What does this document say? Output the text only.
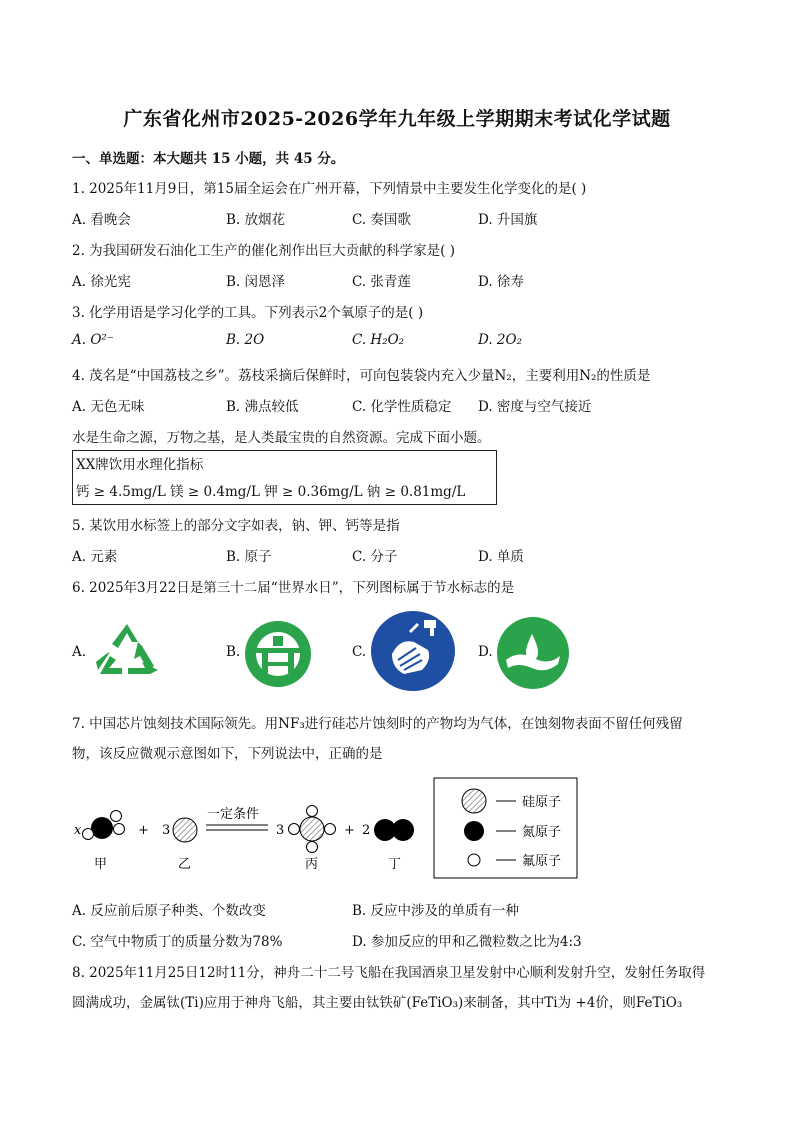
广东省化州市2025-2026学年九年级上学期期末考试化学试题
一、单选题：本大题共 15 小题，共 45 分。
1. 2025年11月9日，第15届全运会在广州开幕，下列情景中主要发生化学变化的是( )
A. 看晚会	B. 放烟花	C. 奏国歌	D. 升国旗
2. 为我国研发石油化工生产的催化剂作出巨大贡献的科学家是( )
A. 徐光宪	B. 闵恩泽	C. 张青莲	D. 徐寿
3. 化学用语是学习化学的工具。下列表示2个氧原子的是( )
A. O²⁻	B. 2O	C. H₂O₂	D. 2O₂
4. 茂名是“中国荔枝之乡”。荔枝采摘后保鲜时，可向包装袋内充入少量N₂，主要利用N₂的性质是
A. 无色无味	B. 沸点较低	C. 化学性质稳定 D. 密度与空气接近
水是生命之源，万物之基，是人类最宝贵的自然资源。完成下面小题。
XX牌饮用水理化指标
钙 ≥ 4.5mg/L 镁 ≥ 0.4mg/L 钾 ≥ 0.36mg/L 钠 ≥ 0.81mg/L
5. 某饮用水标签上的部分文字如表，钠、钾、钙等是指
A. 元素	B. 原子	C. 分子	D. 单质
6. 2025年3月22日是第三十二届“世界水日”，下列图标属于节水标志的是
A.	B.	C.	D.
7. 中国芯片蚀刻技术国际领先。用NF₃进行硅芯片蚀刻时的产物均为气体，在蚀刻物表面不留任何残留
物，该反应微观示意图如下，下列说法中，正确的是
x
甲
+ 3
乙
一定条件
3
丙
+ 2
丁
硅原子
氮原子
氟原子
A. 反应前后原子种类、个数改变	B. 反应中涉及的单质有一种
C. 空气中物质丁的质量分数为78%	D. 参加反应的甲和乙微粒数之比为4:3
8. 2025年11月25日12时11分，神舟二十二号飞船在我国酒泉卫星发射中心顺利发射升空，发射任务取得
圆满成功，金属钛(Ti)应用于神舟飞船，其主要由钛铁矿(FeTiO₃)来制备，其中Ti为 +4价，则FeTiO₃
